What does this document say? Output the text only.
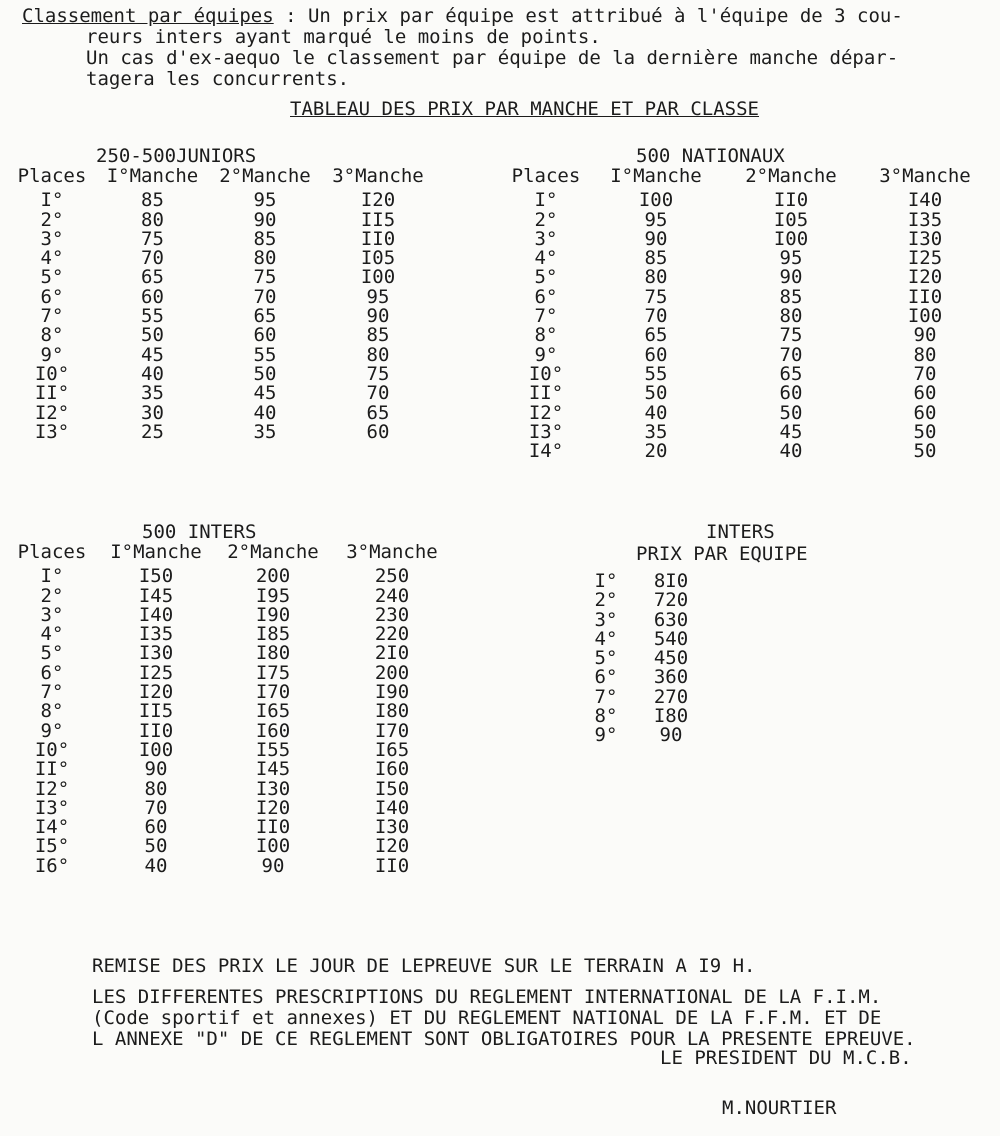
Classement par équipes : Un prix par équipe est attribué à l'équipe de 3 cou-
reurs inters ayant marqué le moins de points.
Un cas d'ex-aequo le classement par équipe de la dernière manche dépar-
tagera les concurrents.
TABLEAU DES PRIX PAR MANCHE ET PAR CLASSE
250-500JUNIORS
Places	I°Manche	2°Manche	3°Manche
I°	85	95	I20
2°	80	90	II5
3°	75	85	II0
4°	70	80	I05
5°	65	75	I00
6°	60	70	95
7°	55	65	90
8°	50	60	85
9°	45	55	80
I0°	40	50	75
II°	35	45	70
I2°	30	40	65
I3°	25	35	60
500 NATIONAUX
Places	I°Manche	2°Manche	3°Manche
I°	I00	II0	I40
2°	95	I05	I35
3°	90	I00	I30
4°	85	95	I25
5°	80	90	I20
6°	75	85	II0
7°	70	80	I00
8°	65	75	90
9°	60	70	80
I0°	55	65	70
II°	50	60	60
I2°	40	50	60
I3°	35	45	50
I4°	20	40	50
500 INTERS
Places	I°Manche	2°Manche	3°Manche
I°	I50	200	250
2°	I45	I95	240
3°	I40	I90	230
4°	I35	I85	220
5°	I30	I80	2I0
6°	I25	I75	200
7°	I20	I70	I90
8°	II5	I65	I80
9°	II0	I60	I70
I0°	I00	I55	I65
II°	90	I45	I60
I2°	80	I30	I50
I3°	70	I20	I40
I4°	60	II0	I30
I5°	50	I00	I20
I6°	40	90	II0
INTERS
PRIX PAR EQUIPE
I°	8I0
2°	720
3°	630
4°	540
5°	450
6°	360
7°	270
8°	I80
9°	90

REMISE DES PRIX LE JOUR DE LEPREUVE SUR LE TERRAIN A I9 H.

LES DIFFERENTES PRESCRIPTIONS DU REGLEMENT INTERNATIONAL DE LA F.I.M.

(Code sportif et annexes) ET DU REGLEMENT NATIONAL DE LA F.F.M. ET DE

L ANNEXE "D" DE CE REGLEMENT SONT OBLIGATOIRES POUR LA PRESENTE EPREUVE.

LE PRESIDENT DU M.C.B.
M.NOURTIER
